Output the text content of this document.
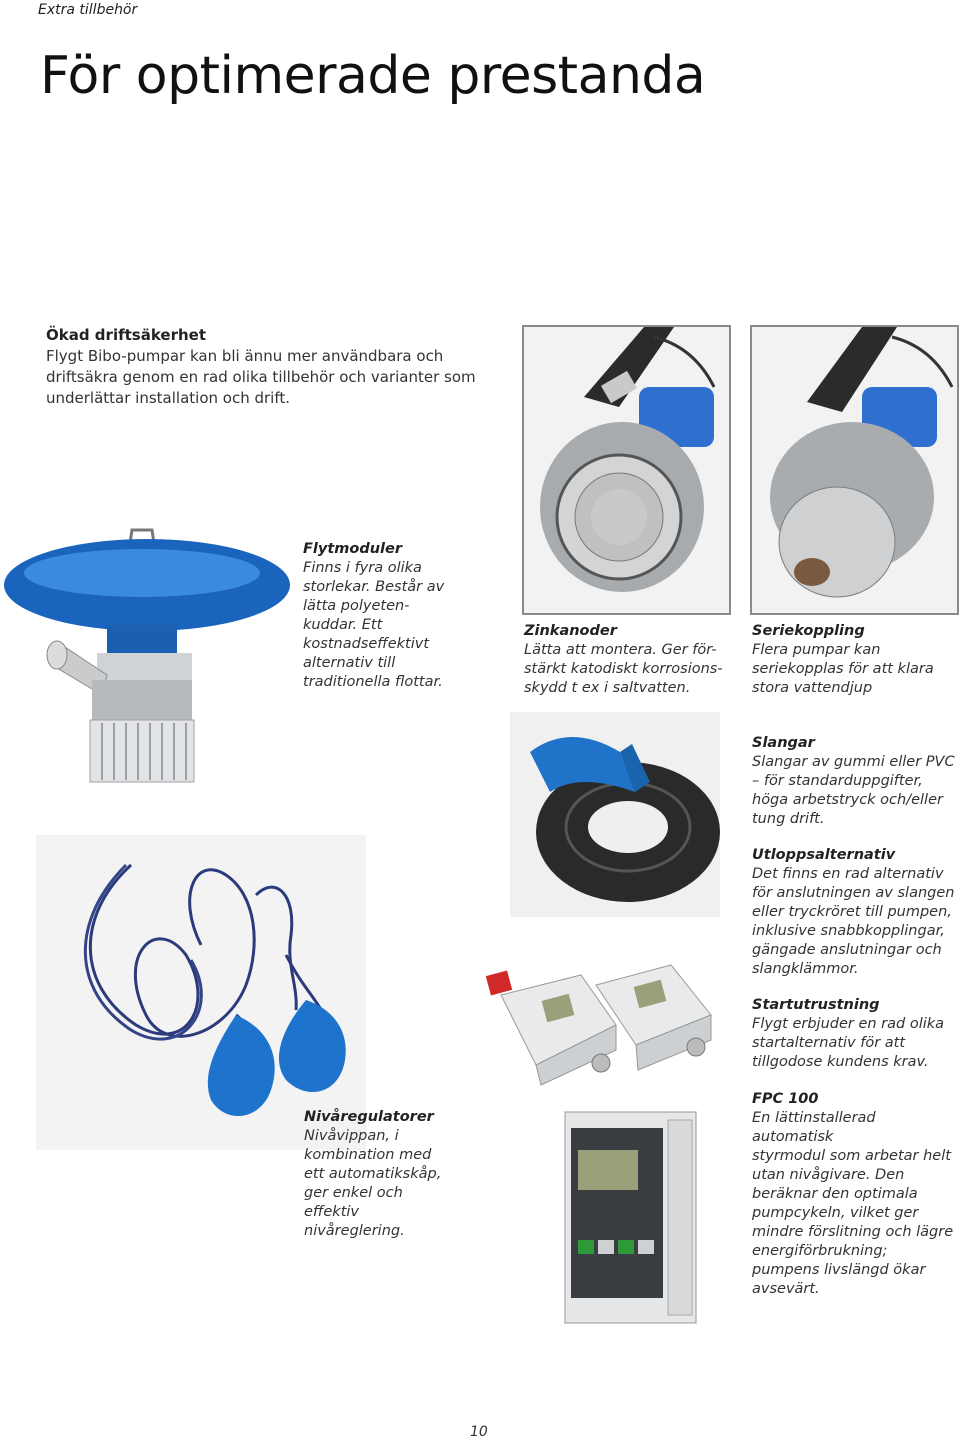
Extra tillbehör
För optimerade prestanda
Ökad driftsäkerhet
Flygt Bibo-pumpar kan bli ännu mer användbara och
driftsäkra genom en rad olika tillbehör och varianter som
underlättar installation och drift.
Flytmoduler
Finns i fyra olika
storlekar. Består av
lätta polyeten-
kuddar. Ett
kostnadseffektivt
alternativ till
traditionella flottar.
Zinkanoder
Lätta att montera. Ger för-
stärkt katodiskt korrosions-
skydd t ex i saltvatten.
Seriekoppling
Flera pumpar kan
seriekopplas för att klara
stora vattendjup
Slangar
Slangar av gummi eller PVC
– för standarduppgifter,
höga arbetstryck och/eller
tung drift.
Utloppsalternativ
Det finns en rad alternativ
för anslutningen av slangen
eller tryckröret till pumpen,
inklusive snabbkopplingar,
gängade anslutningar och
slangklämmor.
Startutrustning
Flygt erbjuder en rad olika
startalternativ för att
tillgodose kundens krav.
FPC 100
En lättinstallerad automatisk
styrmodul som arbetar helt
utan nivågivare. Den
beräknar den optimala
pumpcykeln, vilket ger
mindre förslitning och lägre
energiförbrukning;
pumpens livslängd ökar
avsevärt.
Nivåregulatorer
Nivåvippan, i
kombination med
ett automatikskåp,
ger enkel och
effektiv
nivåreglering.
10
